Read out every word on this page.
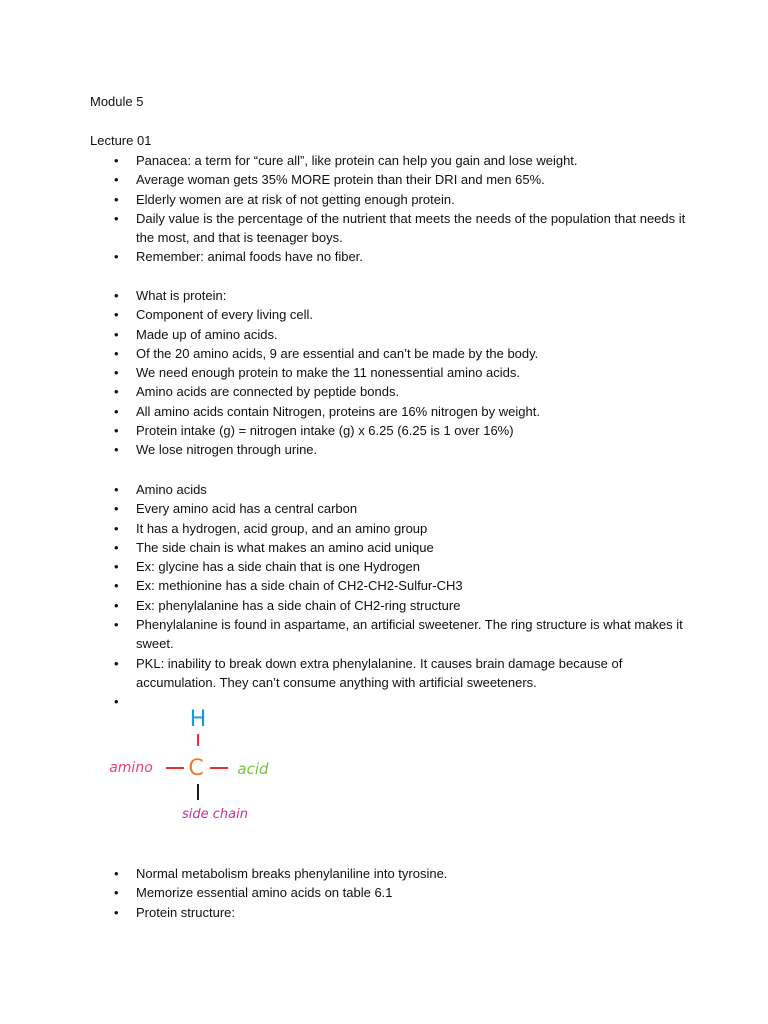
Module 5
Lecture 01
• Panacea: a term for “cure all”, like protein can help you gain and lose weight.
• Average woman gets 35% MORE protein than their DRI and men 65%.
• Elderly women are at risk of not getting enough protein.
• Daily value is the percentage of the nutrient that meets the needs of the population that needs it the most, and that is teenager boys.
• Remember: animal foods have no fiber.
• What is protein:
• Component of every living cell.
• Made up of amino acids.
• Of the 20 amino acids, 9 are essential and can’t be made by the body.
• We need enough protein to make the 11 nonessential amino acids.
• Amino acids are connected by peptide bonds.
• All amino acids contain Nitrogen, proteins are 16% nitrogen by weight.
• Protein intake (g) = nitrogen intake (g) x 6.25 (6.25 is 1 over 16%)
• We lose nitrogen through urine.
• Amino acids
• Every amino acid has a central carbon
• It has a hydrogen, acid group, and an amino group
• The side chain is what makes an amino acid unique
• Ex: glycine has a side chain that is one Hydrogen
• Ex: methionine has a side chain of CH2-CH2-Sulfur-CH3
• Ex: phenylalanine has a side chain of CH2-ring structure
• Phenylalanine is found in aspartame, an artificial sweetener. The ring structure is what makes it sweet.
• PKL: inability to break down extra phenylalanine. It causes brain damage because of accumulation. They can’t consume anything with artificial sweeteners.
•
H
C
amino	acid
side chain
• Normal metabolism breaks phenylaniline into tyrosine.
• Memorize essential amino acids on table 6.1
• Protein structure:
